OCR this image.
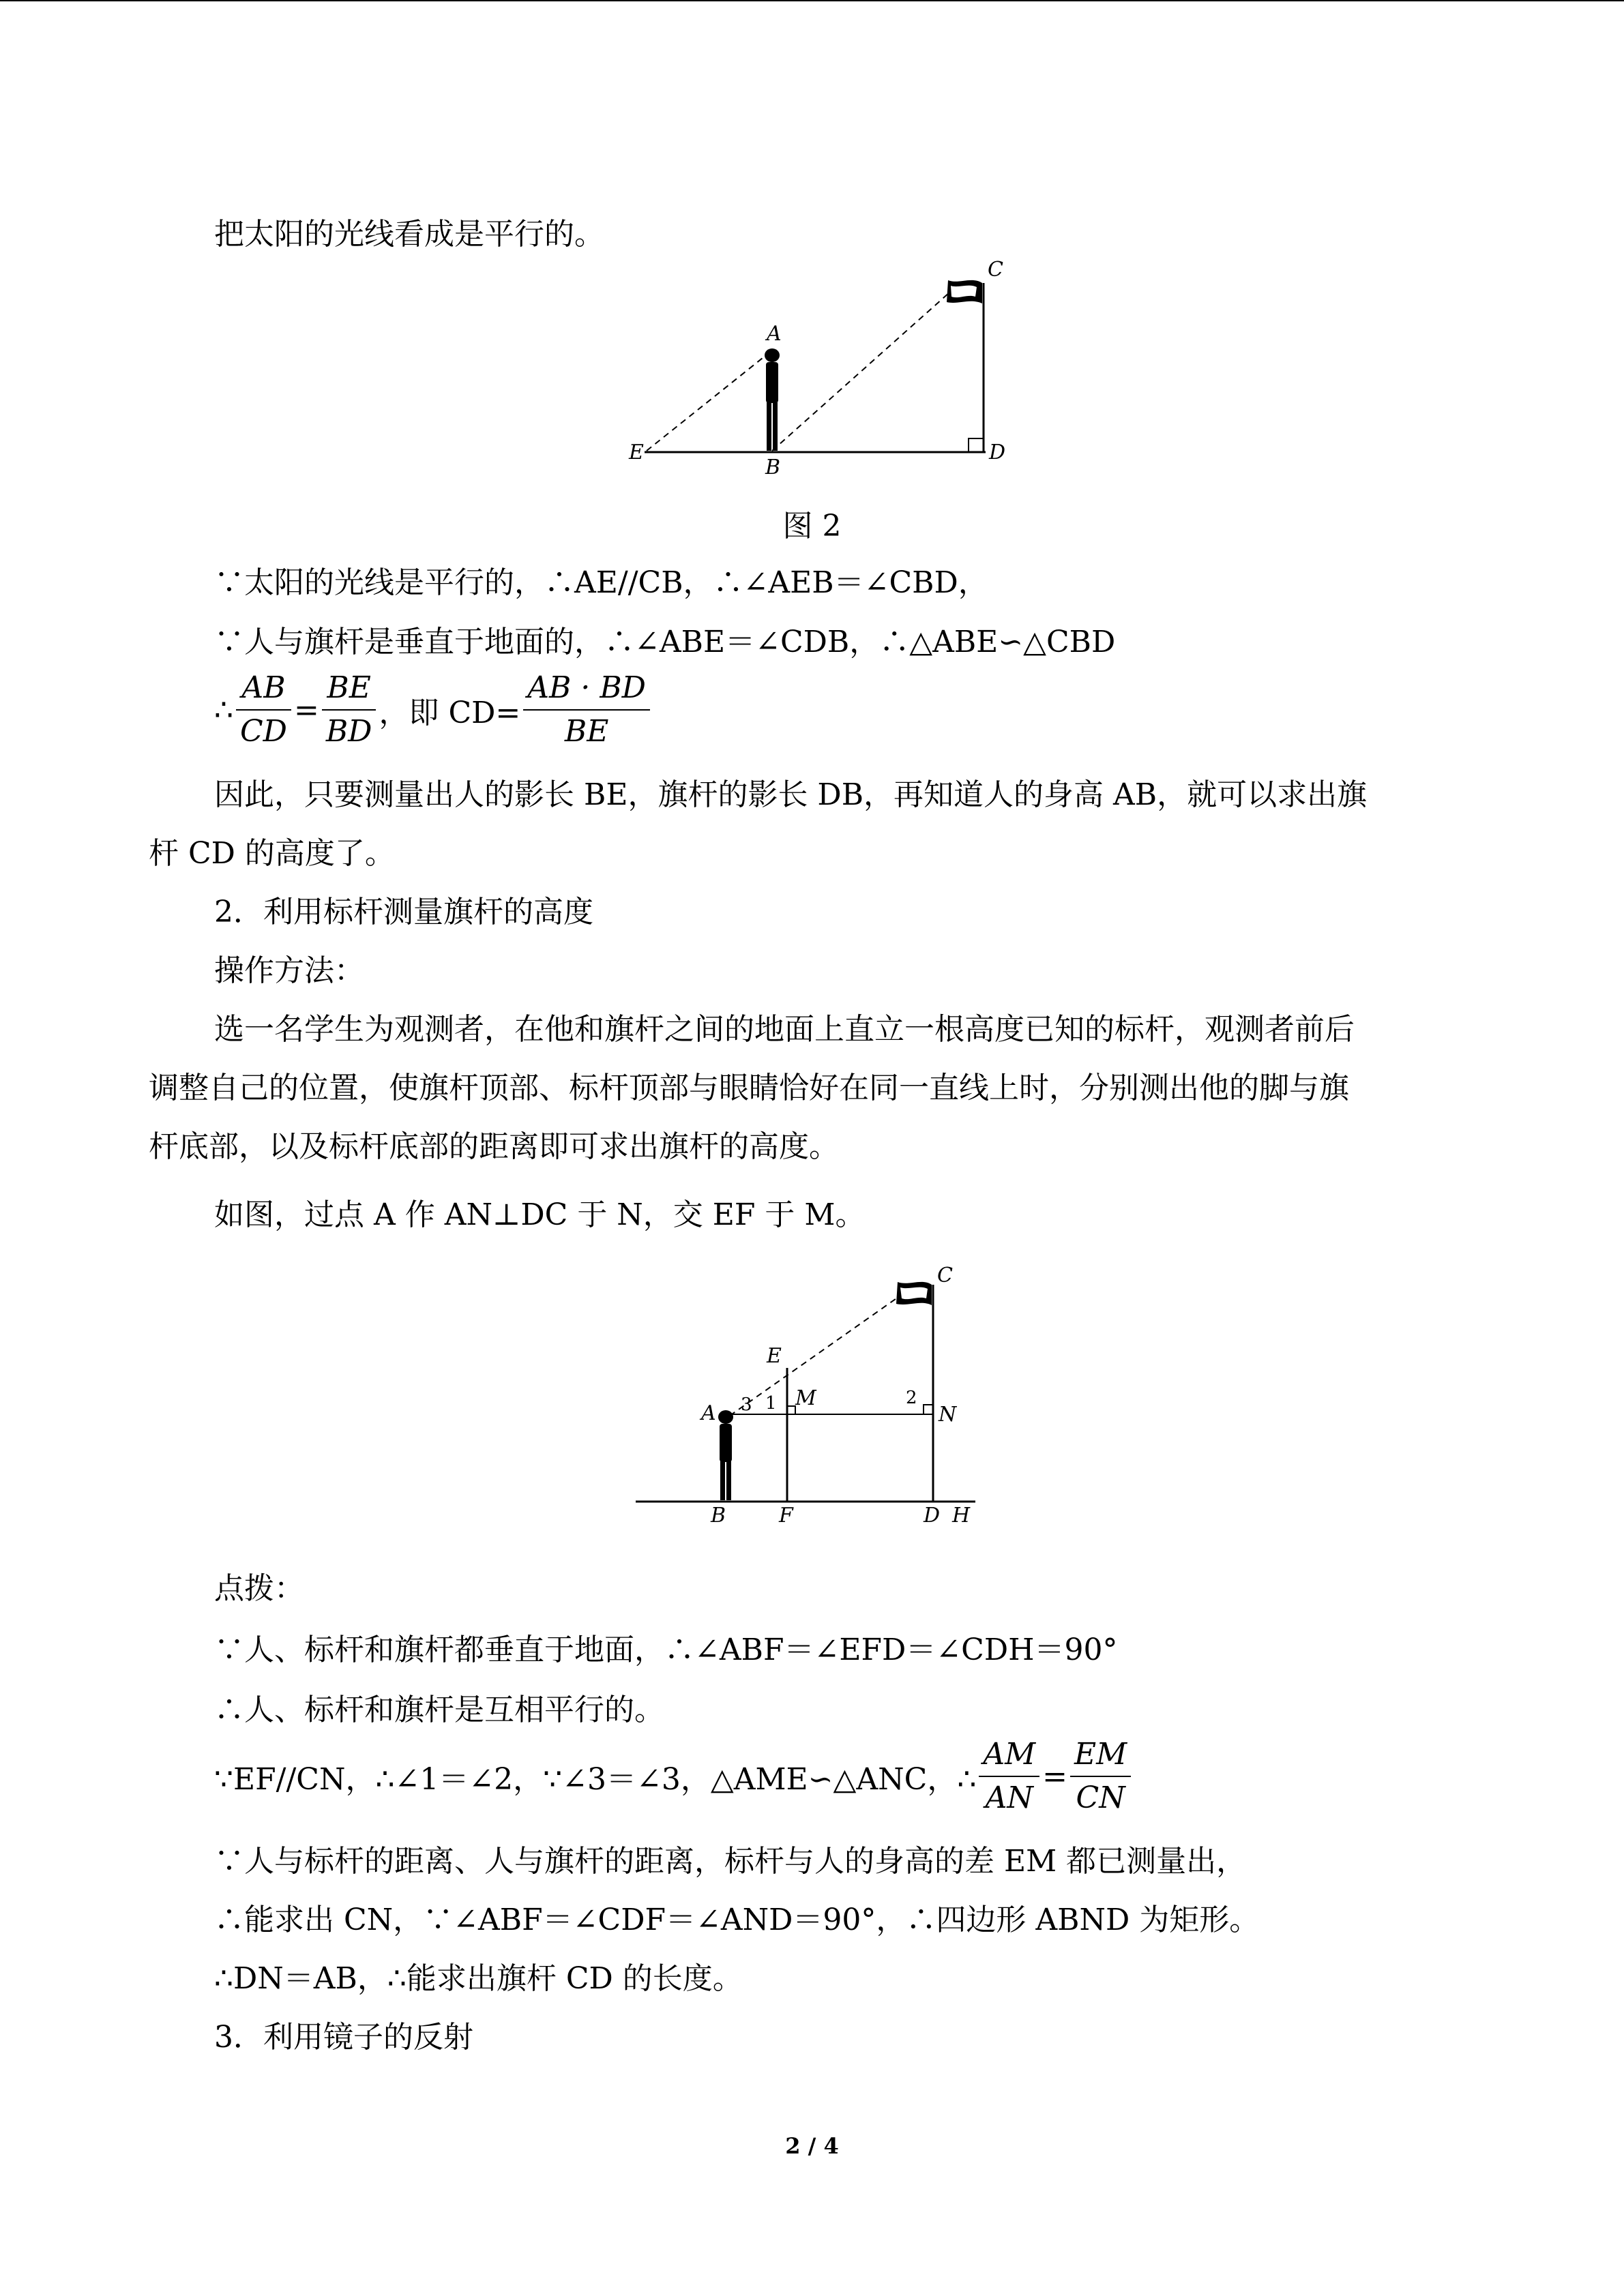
把太阳的光线看成是平行的。
A
B
C
D
E
图 2
∵太阳的光线是平行的，∴AE//CB，∴∠AEB＝∠CBD，
∵人与旗杆是垂直于地面的，∴∠ABE＝∠CDB，∴△ABE∽△CBD
∴ $\frac{AB}{CD} = \frac{BE}{BD}$ ，即 $CD= \frac{AB \cdot BD}{BE}$
因此，只要测量出人的影长 BE，旗杆的影长 DB，再知道人的身高 AB，就可以求出旗
杆 CD 的高度了。
2．利用标杆测量旗杆的高度
操作方法：
选一名学生为观测者，在他和旗杆之间的地面上直立一根高度已知的标杆，观测者前后
调整自己的位置，使旗杆顶部、标杆顶部与眼睛恰好在同一直线上时，分别测出他的脚与旗
杆底部，以及标杆底部的距离即可求出旗杆的高度。
如图，过点 A 作 AN⊥DC 于 N，交 EF 于 M。
A 3 1 M
E
2
N
C
B	F	D H
点拨：
∵人、标杆和旗杆都垂直于地面，∴∠ABF＝∠EFD＝∠CDH＝90°
∴人、标杆和旗杆是互相平行的。
∵EF//CN，∴∠1＝∠2，∵∠3＝∠3，△AME∽△ANC，∴ $\frac{AM}{AN} = \frac{EM}{CN}$
∵人与标杆的距离、人与旗杆的距离，标杆与人的身高的差 EM 都已测量出，
∴能求出 CN，∵∠ABF＝∠CDF＝∠AND＝90°，∴四边形 ABND 为矩形。
∴DN＝AB，∴能求出旗杆 CD 的长度。
3．利用镜子的反射
2 / 4
